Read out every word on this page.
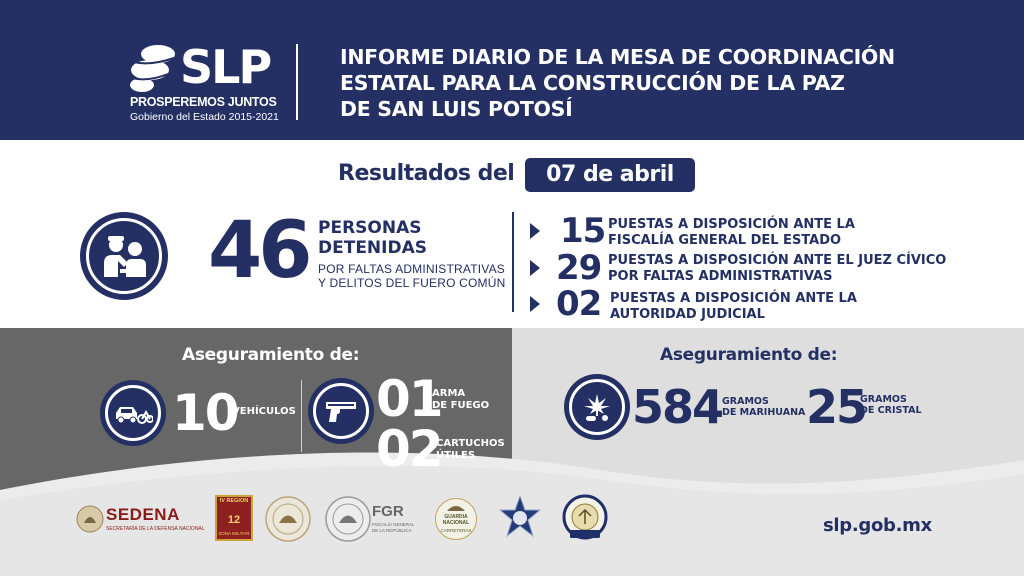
SLP
PROSPEREMOS JUNTOS
Gobierno del Estado 2015-2021
INFORME DIARIO DE LA MESA DE COORDINACIÓN
ESTATAL PARA LA CONSTRUCCIÓN DE LA PAZ
DE SAN LUIS POTOSÍ
Resultados del	07 de abril
46 PERSONAS
DETENIDAS
POR FALTAS ADMINISTRATIVAS
Y DELITOS DEL FUERO COMÚN
15 PUESTAS A DISPOSICIÓN ANTE LA
FISCALÍA GENERAL DEL ESTADO
29 PUESTAS A DISPOSICIÓN ANTE EL JUEZ CÍVICO
POR FALTAS ADMINISTRATIVAS
02 PUESTAS A DISPOSICIÓN ANTE LA
AUTORIDAD JUDICIAL
Aseguramiento de:
10
VEHÍCULOS 01
ARMA
DE FUEGO
02
CARTUCHOS
ÚTILES
Aseguramiento de:
584 GRAMOS
DE MARIHUANA 25
GRAMOS
DE CRISTAL
SEDENA
SECRETARÍA DE LA DEFENSA NACIONAL
IV REGION
12
ZONA MILITAR
FGR
FISCALÍA GENERAL DE LA REPÚBLICA
GUARDIA NACIONAL
CARRETERAS	slp.gob.mx
